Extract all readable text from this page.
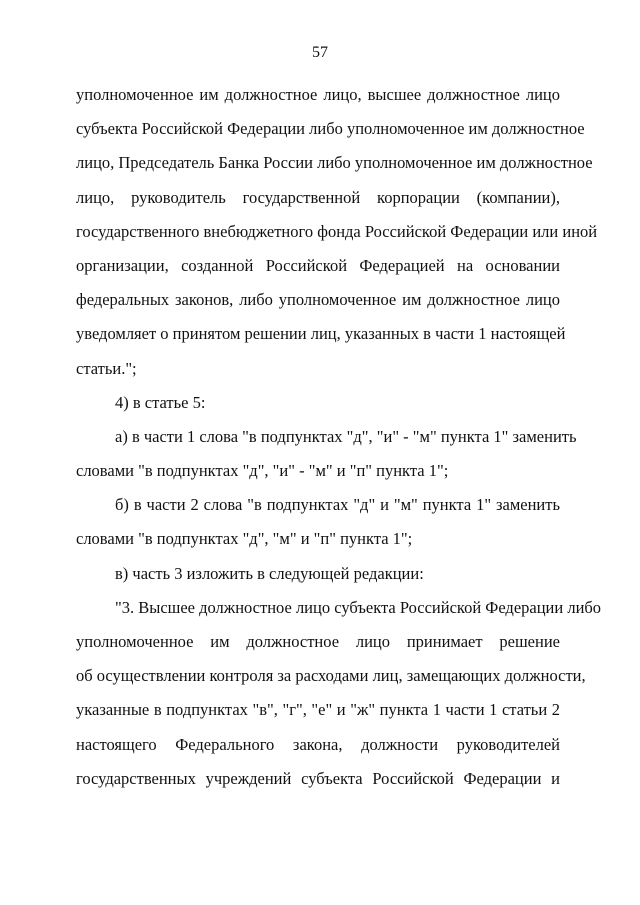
57
уполномоченное им должностное лицо, высшее должностное лицо
субъекта Российской Федерации либо уполномоченное им должностное
лицо, Председатель Банка России либо уполномоченное им должностное
лицо, руководитель государственной корпорации (компании),
государственного внебюджетного фонда Российской Федерации или иной
организации, созданной Российской Федерацией на основании
федеральных законов, либо уполномоченное им должностное лицо
уведомляет о принятом решении лиц, указанных в части 1 настоящей
статьи.";
4) в статье 5:
а) в части 1 слова "в подпунктах "д", "и" - "м" пункта 1" заменить
словами "в подпунктах "д", "и" - "м" и "п" пункта 1";
б) в части 2 слова "в подпунктах "д" и "м" пункта 1" заменить
словами "в подпунктах "д", "м" и "п" пункта 1";
в) часть 3 изложить в следующей редакции:
"3. Высшее должностное лицо субъекта Российской Федерации либо
уполномоченное им должностное лицо принимает решение
об осуществлении контроля за расходами лиц, замещающих должности,
указанные в подпунктах "в", "г", "е" и "ж" пункта 1 части 1 статьи 2
настоящего Федерального закона, должности руководителей
государственных учреждений субъекта Российской Федерации и
